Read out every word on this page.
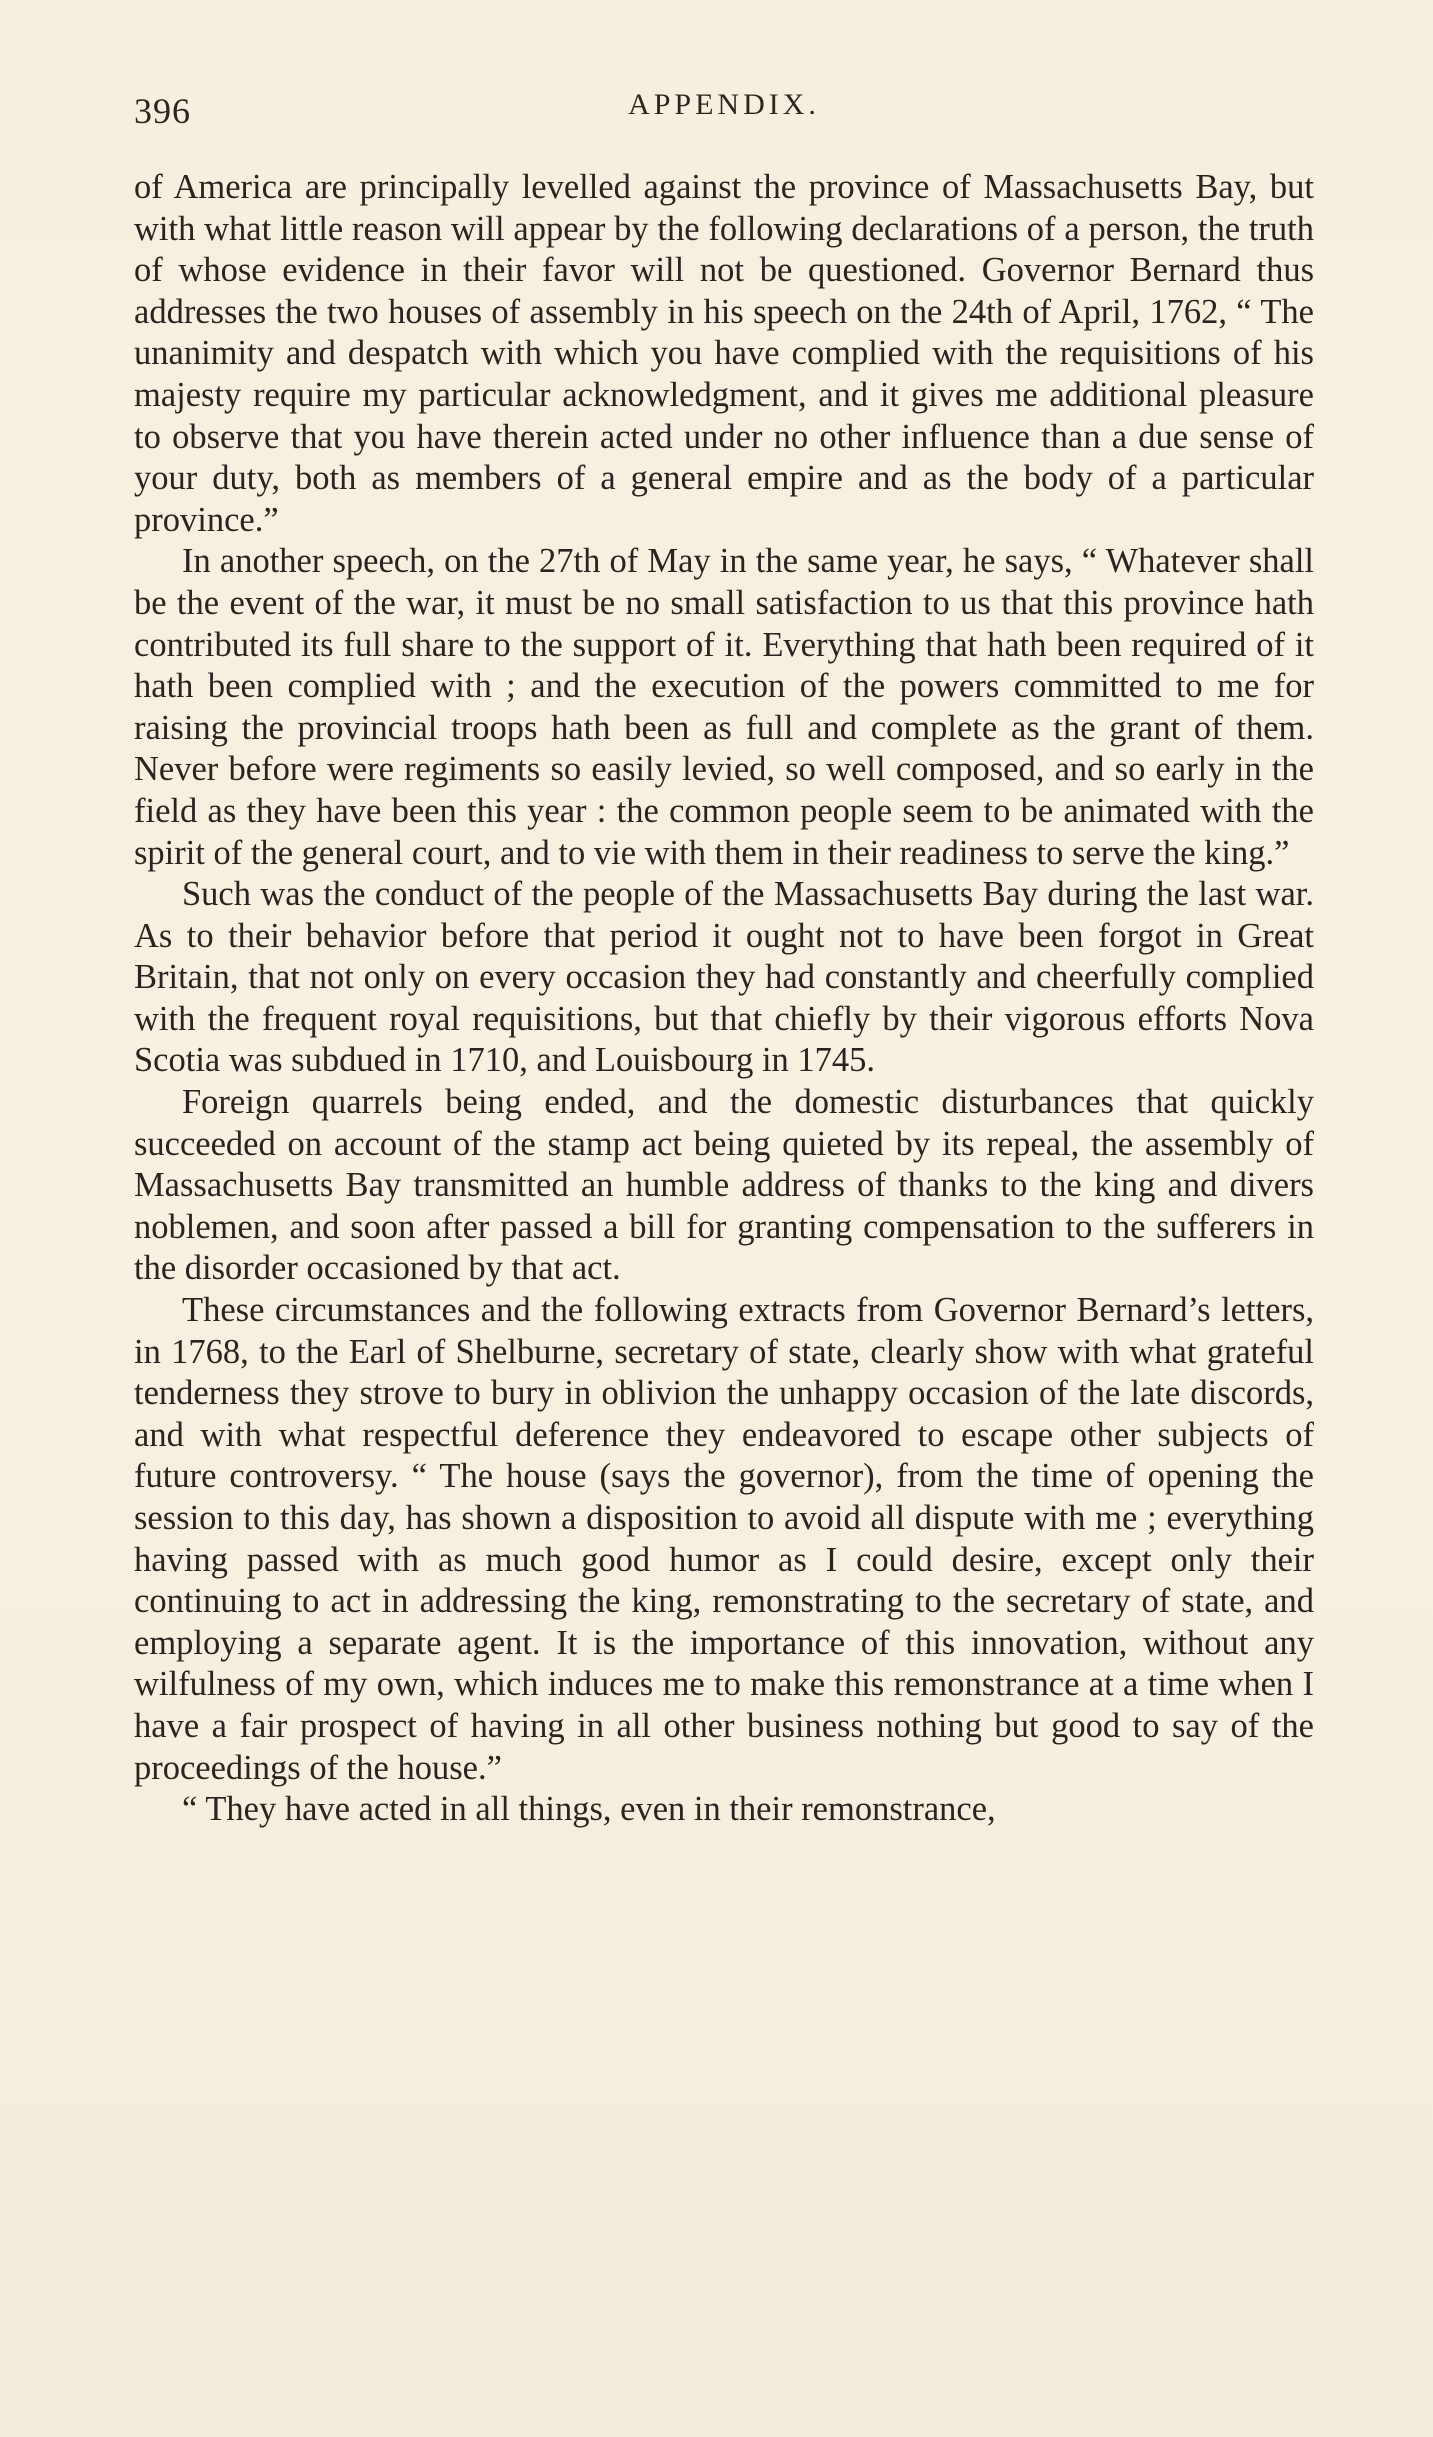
396	APPENDIX.

of America are principally levelled against the province of Massachusetts Bay, but with what little reason will appear by the following declarations of a person, the truth of whose evidence in their favor will not be questioned. Governor Bernard thus addresses the two houses of assembly in his speech on the 24th of April, 1762, “ The unanimity and despatch with which you have complied with the requisitions of his majesty require my particular acknowledgment, and it gives me additional pleasure to observe that you have therein acted under no other influence than a due sense of your duty, both as members of a general empire and as the body of a particular province.”

In another speech, on the 27th of May in the same year, he says, “ Whatever shall be the event of the war, it must be no small satisfaction to us that this province hath contributed its full share to the support of it. Everything that hath been required of it hath been complied with ; and the execution of the powers committed to me for raising the provincial troops hath been as full and complete as the grant of them. Never before were regiments so easily levied, so well composed, and so early in the field as they have been this year : the common people seem to be animated with the spirit of the general court, and to vie with them in their readiness to serve the king.”

Such was the conduct of the people of the Massachusetts Bay during the last war. As to their behavior before that period it ought not to have been forgot in Great Britain, that not only on every occasion they had constantly and cheerfully complied with the frequent royal requisitions, but that chiefly by their vigorous efforts Nova Scotia was subdued in 1710, and Louisbourg in 1745.

Foreign quarrels being ended, and the domestic disturbances that quickly succeeded on account of the stamp act being quieted by its repeal, the assembly of Massachusetts Bay transmitted an humble address of thanks to the king and divers noblemen, and soon after passed a bill for granting compensation to the sufferers in the disorder occasioned by that act.

These circumstances and the following extracts from Governor Bernard’s letters, in 1768, to the Earl of Shelburne, secretary of state, clearly show with what grateful tenderness they strove to bury in oblivion the unhappy occasion of the late discords, and with what respectful deference they endeavored to escape other subjects of future controversy. “ The house (says the governor), from the time of opening the session to this day, has shown a disposition to avoid all dispute with me ; everything having passed with as much good humor as I could desire, except only their continuing to act in addressing the king, remonstrating to the secretary of state, and employing a separate agent. It is the importance of this innovation, without any wilfulness of my own, which induces me to make this remonstrance at a time when I have a fair prospect of having in all other business nothing but good to say of the proceedings of the house.”

“ They have acted in all things, even in their remonstrance,
